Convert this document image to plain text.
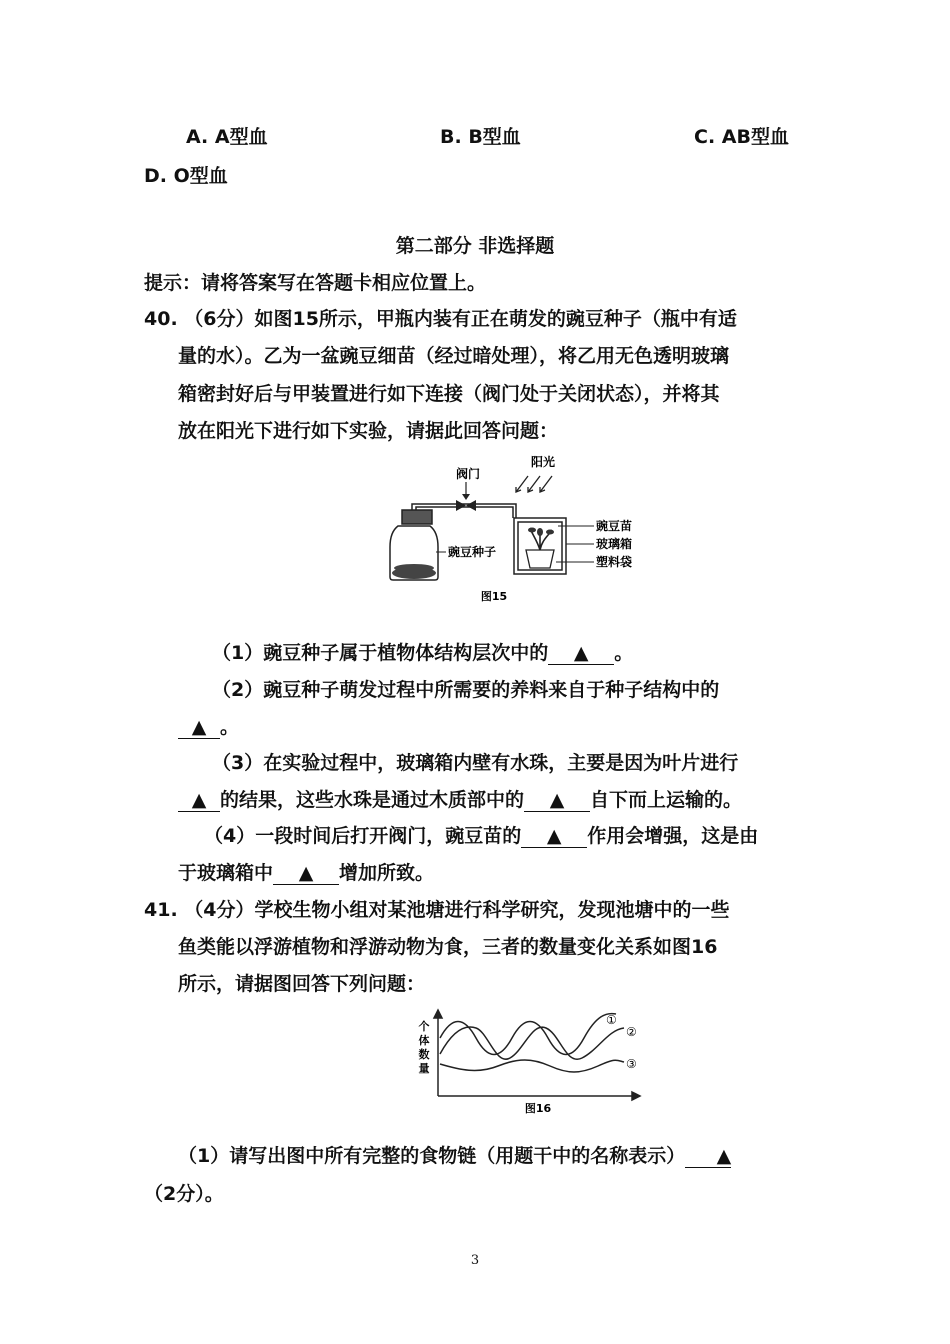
A. A型血	B. B型血	C. AB型血
D. O型血
第二部分 非选择题
提示：请将答案写在答题卡相应位置上。
40. （6分）如图15所示，甲瓶内装有正在萌发的豌豆种子（瓶中有适
量的水）。乙为一盆豌豆细苗（经过暗处理），将乙用无色透明玻璃
箱密封好后与甲装置进行如下连接（阀门处于关闭状态），并将其
放在阳光下进行如下实验，请据此回答问题：
阀门
阳光
豌豆苗
玻璃箱
塑料袋
豌豆种子
图15
（1）豌豆种子属于植物体结构层次中的 ▲ 。
（2）豌豆种子萌发过程中所需要的养料来自于种子结构中的
▲ 。
（3）在实验过程中，玻璃箱内壁有水珠，主要是因为叶片进行
▲ 的结果，这些水珠是通过木质部中的 ▲ 自下而上运输的。
（4）一段时间后打开阀门，豌豆苗的 ▲ 作用会增强，这是由
于玻璃箱中 ▲ 增加所致。
41. （4分）学校生物小组对某池塘进行科学研究，发现池塘中的一些
鱼类能以浮游植物和浮游动物为食，三者的数量变化关系如图16
所示，请据图回答下列问题：
个体数量
①
②
③
图16
（1）请写出图中所有完整的食物链（用题干中的名称表示） ▲
（2分）。
3
